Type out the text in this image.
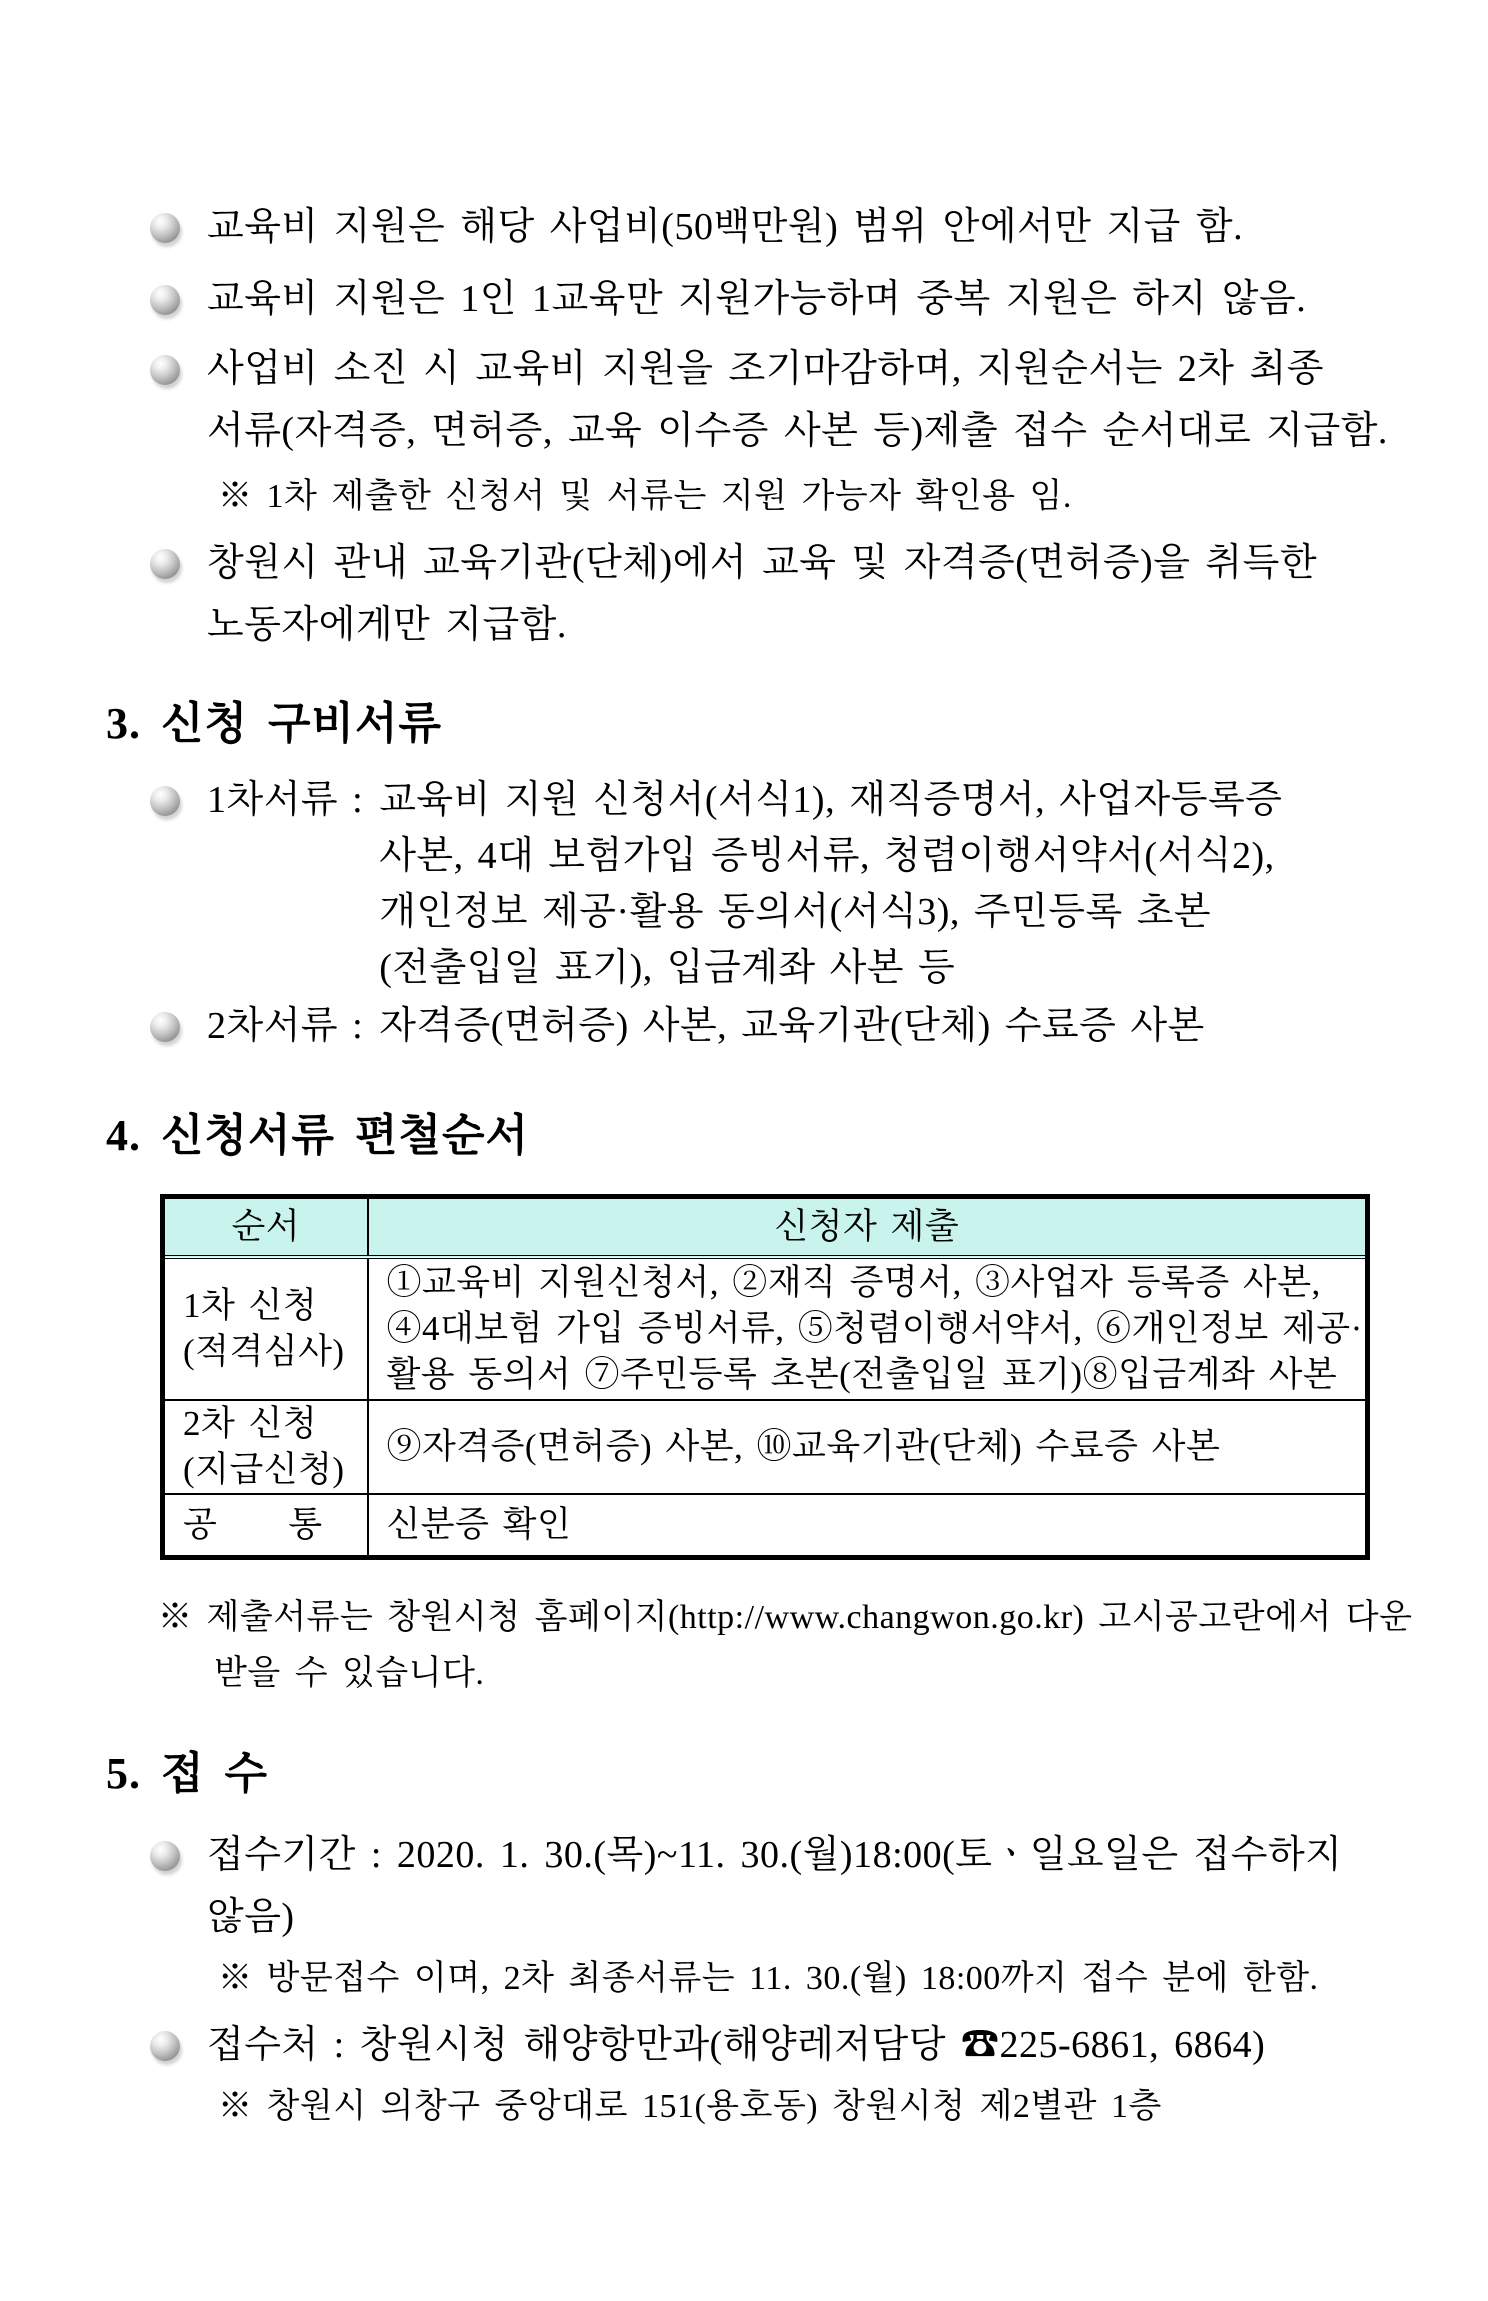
교육비 지원은 해당 사업비(50백만원) 범위 안에서만 지급 함.
교육비 지원은 1인 1교육만 지원가능하며 중복 지원은 하지 않음.
사업비 소진 시 교육비 지원을 조기마감하며, 지원순서는 2차 최종 서류(자격증, 면허증, 교육 이수증 사본 등)제출 접수 순서대로 지급함.
※ 1차 제출한 신청서 및 서류는 지원 가능자 확인용 임.
창원시 관내 교육기관(단체)에서 교육 및 자격증(면허증)을 취득한 노동자에게만 지급함.
3. 신청 구비서류
1차서류 : 교육비 지원 신청서(서식1), 재직증명서, 사업자등록증 사본, 4대 보험가입 증빙서류, 청렴이행서약서(서식2), 개인정보 제공·활용 동의서(서식3), 주민등록 초본(전출입일 표기), 입금계좌 사본 등
2차서류 : 자격증(면허증) 사본, 교육기관(단체) 수료증 사본
4. 신청서류 편철순서
순서	신청자 제출

1차 신청
(적격심사)	①교육비 지원신청서, ②재직 증명서, ③사업자 등록증 사본, ④4대보험 가입 증빙서류, ⑤청렴이행서약서, ⑥개인정보 제공·활용 동의서 ⑦주민등록 초본(전출입일 표기)⑧입금계좌 사본

2차 신청
(지급신청)	⑨자격증(면허증) 사본, ⑩교육기관(단체) 수료증 사본
공　　통	신분증 확인
※ 제출서류는 창원시청 홈페이지(http://www.changwon.go.kr) 고시공고란에서 다운 받을 수 있습니다.
5. 접 수
접수기간 : 2020. 1. 30.(목)~11. 30.(월)18:00(토ㆍ일요일은 접수하지 않음)
※ 방문접수 이며, 2차 최종서류는 11. 30.(월) 18:00까지 접수 분에 한함.
접수처 : 창원시청 해양항만과(해양레저담당 ☎225-6861, 6864)
※ 창원시 의창구 중앙대로 151(용호동) 창원시청 제2별관 1층
